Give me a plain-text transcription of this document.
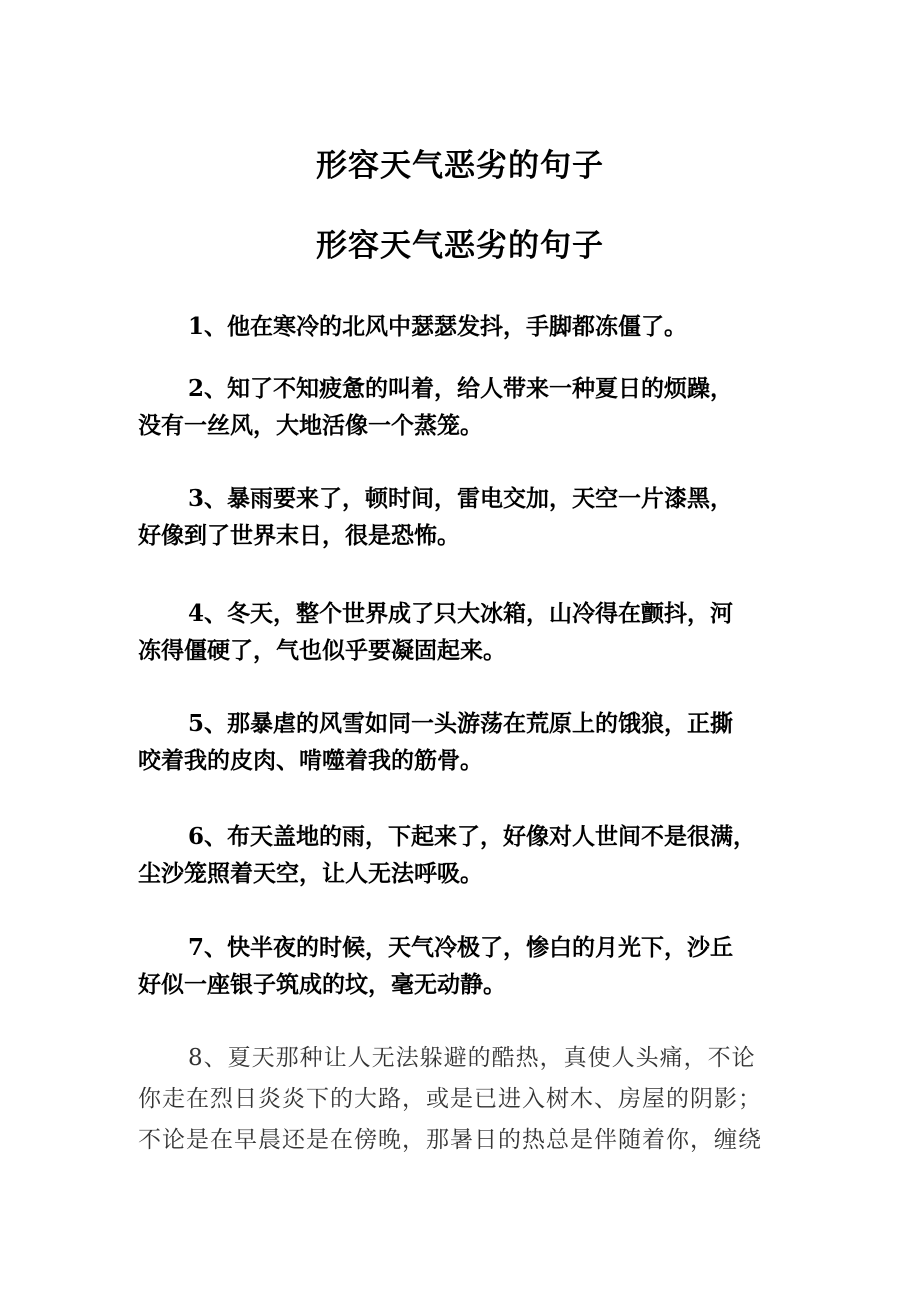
形容天气恶劣的句子
形容天气恶劣的句子

1、他在寒冷的北风中瑟瑟发抖，手脚都冻僵了。

2、知了不知疲惫的叫着，给人带来一种夏日的烦躁，
没有一丝风，大地活像一个蒸笼。

3、暴雨要来了，顿时间，雷电交加，天空一片漆黑，
好像到了世界末日，很是恐怖。

4、冬天，整个世界成了只大冰箱，山冷得在颤抖，河
冻得僵硬了，气也似乎要凝固起来。

5、那暴虐的风雪如同一头游荡在荒原上的饿狼，正撕
咬着我的皮肉、啃噬着我的筋骨。

6、布天盖地的雨，下起来了，好像对人世间不是很满，
尘沙笼照着天空，让人无法呼吸。

7、快半夜的时候，天气冷极了，惨白的月光下，沙丘
好似一座银子筑成的坟，毫无动静。

8、夏天那种让人无法躲避的酷热，真使人头痛，不论
你走在烈日炎炎下的大路，或是已进入树木、房屋的阴影；
不论是在早晨还是在傍晚，那暑日的热总是伴随着你，缠绕
